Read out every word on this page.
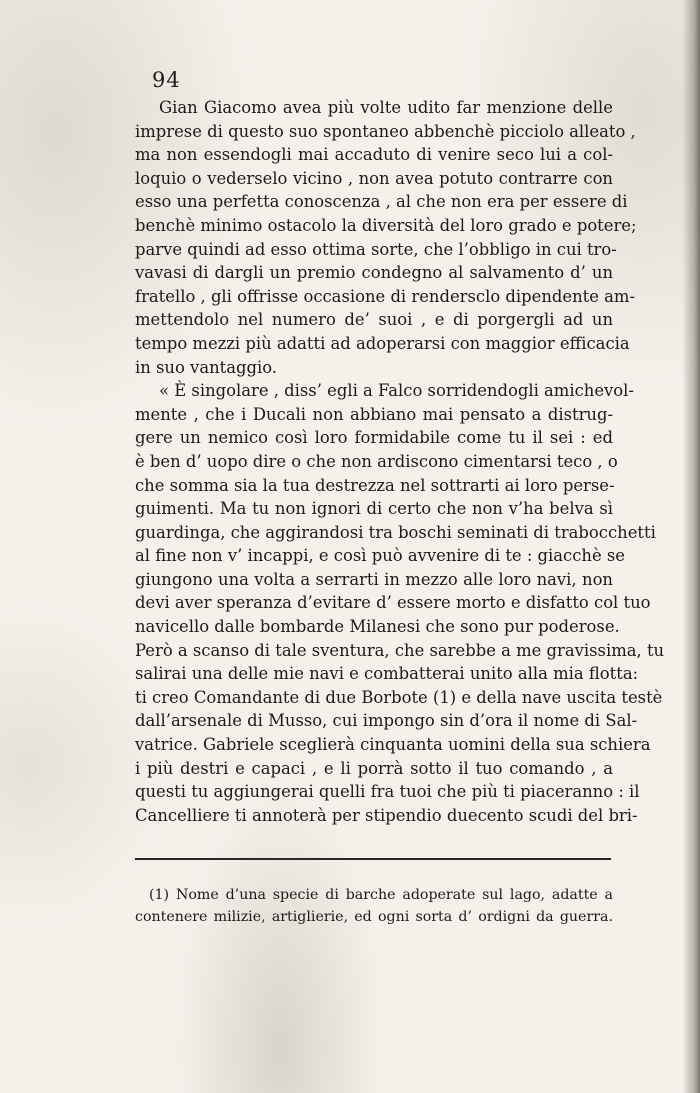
94
Gian Giacomo avea più volte udito far menzione delle
imprese di questo suo spontaneo abbenchè picciolo alleato ,
ma non essendogli mai accaduto di venire seco lui a col-
loquio o vederselo vicino , non avea potuto contrarre con
esso una perfetta conoscenza , al che non era per essere di
benchè minimo ostacolo la diversità del loro grado e potere;
parve quindi ad esso ottima sorte, che l’obbligo in cui tro-
vavasi di dargli un premio condegno al salvamento d’ un
fratello , gli offrisse occasione di rendersclo dipendente am-
mettendolo nel numero de’ suoi , e di porgergli ad un
tempo mezzi più adatti ad adoperarsi con maggior efficacia
in suo vantaggio.
« È singolare , diss’ egli a Falco sorridendogli amichevol-
mente , che i Ducali non abbiano mai pensato a distrug-
gere un nemico così loro formidabile come tu il sei : ed
è ben d’ uopo dire o che non ardiscono cimentarsi teco , o
che somma sia la tua destrezza nel sottrarti ai loro perse-
guimenti. Ma tu non ignori di certo che non v’ha belva sì
guardinga, che aggirandosi tra boschi seminati di trabocchetti
al fine non v’ incappi, e così può avvenire di te : giacchè se
giungono una volta a serrarti in mezzo alle loro navi, non
devi aver speranza d’evitare d’ essere morto e disfatto col tuo
navicello dalle bombarde Milanesi che sono pur poderose.
Però a scanso di tale sventura, che sarebbe a me gravissima, tu
salirai una delle mie navi e combatterai unito alla mia flotta:
ti creo Comandante di due Borbote (1) e della nave uscita testè
dall’arsenale di Musso, cui impongo sin d’ora il nome di Sal-
vatrice. Gabriele sceglierà cinquanta uomini della sua schiera
i più destri e capaci , e li porrà sotto il tuo comando , a
questi tu aggiungerai quelli fra tuoi che più ti piaceranno : il
Cancelliere ti annoterà per stipendio duecento scudi del bri-
(1) Nome d’una specie di barche adoperate sul lago, adatte a
contenere milizie, artiglierie, ed ogni sorta d’ ordigni da guerra.
